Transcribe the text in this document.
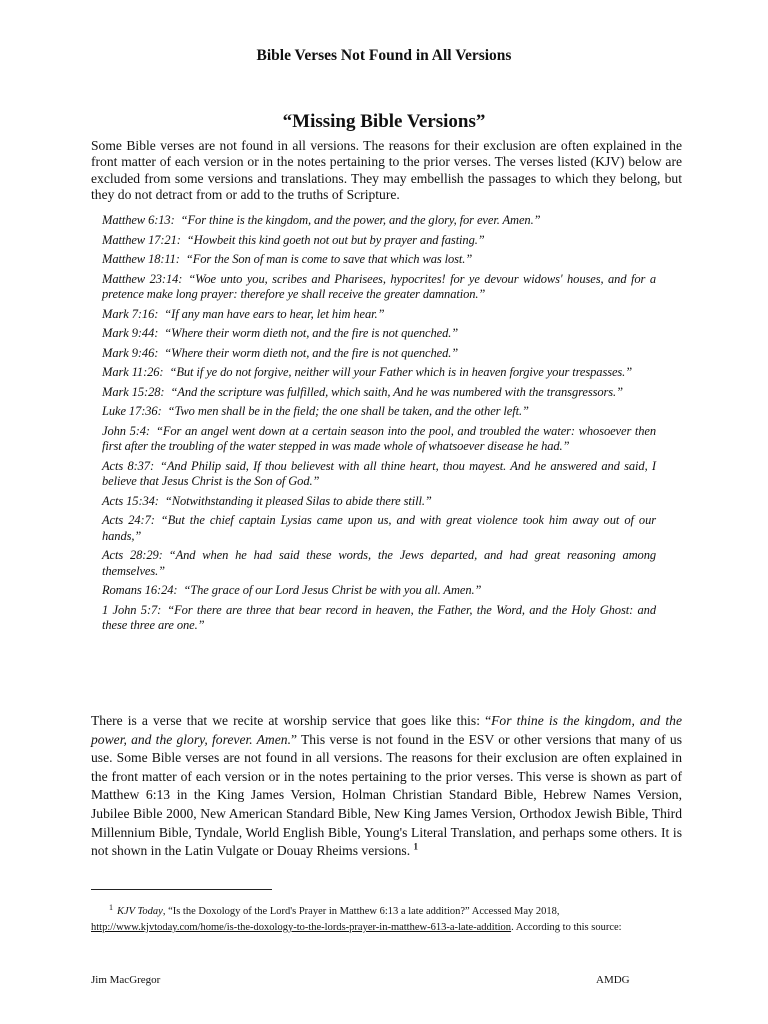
Bible Verses Not Found in All Versions
“Missing Bible Versions”

Some Bible verses are not found in all versions. The reasons for their exclusion are often explained in the front matter of each version or in the notes pertaining to the prior verses. The verses listed (KJV) below are excluded from some versions and translations. They may embellish the passages to which they belong, but they do not detract from or add to the truths of Scripture.

Matthew 6:13: “For thine is the kingdom, and the power, and the glory, for ever. Amen.”
Matthew 17:21: “Howbeit this kind goeth not out but by prayer and fasting.”
Matthew 18:11: “For the Son of man is come to save that which was lost.”
Matthew 23:14: “Woe unto you, scribes and Pharisees, hypocrites! for ye devour widows' houses, and for a pretence make long prayer: therefore ye shall receive the greater damnation.”
Mark 7:16: “If any man have ears to hear, let him hear.”
Mark 9:44: “Where their worm dieth not, and the fire is not quenched.”
Mark 9:46: “Where their worm dieth not, and the fire is not quenched.”
Mark 11:26: “But if ye do not forgive, neither will your Father which is in heaven forgive your trespasses.”
Mark 15:28: “And the scripture was fulfilled, which saith, And he was numbered with the transgressors.”
Luke 17:36: “Two men shall be in the field; the one shall be taken, and the other left.”
John 5:4: “For an angel went down at a certain season into the pool, and troubled the water: whosoever then first after the troubling of the water stepped in was made whole of whatsoever disease he had.”
Acts 8:37: “And Philip said, If thou believest with all thine heart, thou mayest. And he answered and said, I believe that Jesus Christ is the Son of God.”
Acts 15:34: “Notwithstanding it pleased Silas to abide there still.”
Acts 24:7: “But the chief captain Lysias came upon us, and with great violence took him away out of our hands,”
Acts 28:29: “And when he had said these words, the Jews departed, and had great reasoning among themselves.”
Romans 16:24: “The grace of our Lord Jesus Christ be with you all. Amen.”
1 John 5:7: “For there are three that bear record in heaven, the Father, the Word, and the Holy Ghost: and these three are one.”

There is a verse that we recite at worship service that goes like this: “For thine is the kingdom, and the power, and the glory, forever. Amen.” This verse is not found in the ESV or other versions that many of us use. Some Bible verses are not found in all versions. The reasons for their exclusion are often explained in the front matter of each version or in the notes pertaining to the prior verses. This verse is shown as part of Matthew 6:13 in the King James Version, Holman Christian Standard Bible, Hebrew Names Version, Jubilee Bible 2000, New American Standard Bible, New King James Version, Orthodox Jewish Bible, Third Millennium Bible, Tyndale, World English Bible, Young's Literal Translation, and perhaps some others. It is not shown in the Latin Vulgate or Douay Rheims versions. $^1$

$^1$ KJV Today, “Is the Doxology of the Lord's Prayer in Matthew 6:13 a late addition?” Accessed May 2018,
http://www.kjvtoday.com/home/is-the-doxology-to-the-lords-prayer-in-matthew-613-a-late-addition. According to this source:
Jim MacGregor	AMDG
